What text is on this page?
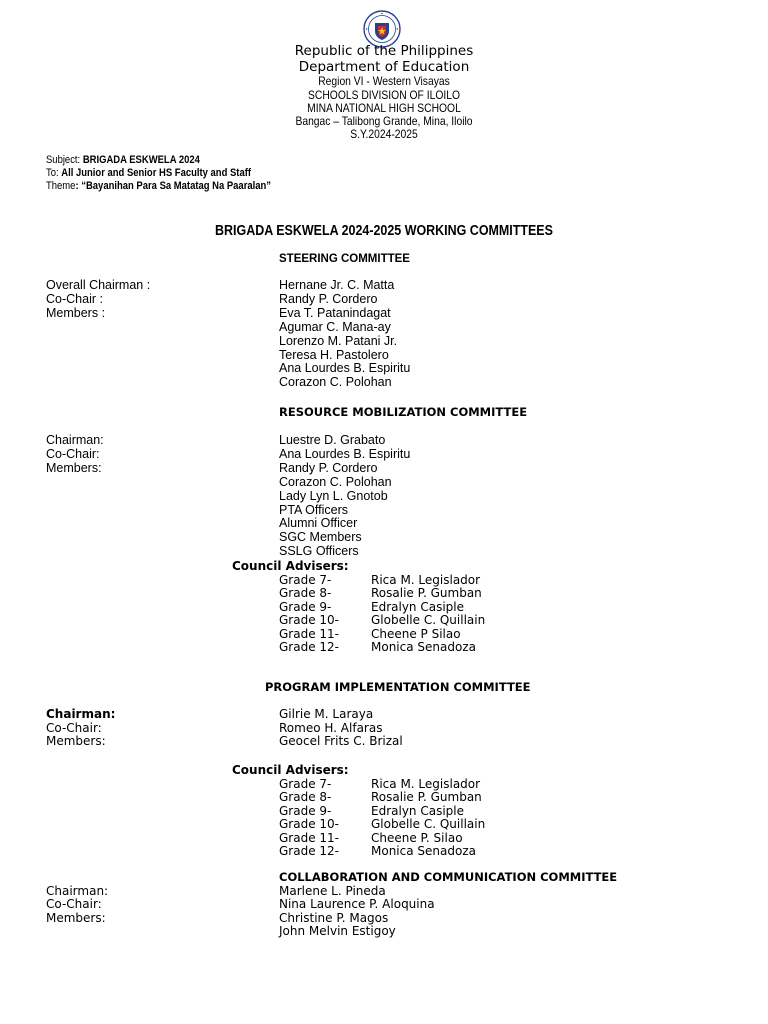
Republic of the Philippines
Department of Education
Region VI - Western Visayas
SCHOOLS DIVISION OF ILOILO
MINA NATIONAL HIGH SCHOOL
Bangac – Talibong Grande, Mina, Iloilo
S.Y.2024-2025
Subject: BRIGADA ESKWELA 2024
To: All Junior and Senior HS Faculty and Staff
Theme: “Bayanihan Para Sa Matatag Na Paaralan”
BRIGADA ESKWELA 2024-2025 WORKING COMMITTEES
STEERING COMMITTEE
Overall Chairman :	Hernane Jr. C. Matta
Co-Chair :	Randy P. Cordero
Members :	Eva T. Patanindagat
Agumar C. Mana-ay
Lorenzo M. Patani Jr.
Teresa H. Pastolero
Ana Lourdes B. Espiritu
Corazon C. Polohan
RESOURCE MOBILIZATION COMMITTEE
Chairman:	Luestre D. Grabato
Co-Chair:	Ana Lourdes B. Espiritu
Members:	Randy P. Cordero
Corazon C. Polohan
Lady Lyn L. Gnotob
PTA Officers
Alumni Officer
SGC Members
SSLG Officers
Council Advisers:
Grade 7-	Rica M. Legislador
Grade 8-	Rosalie P. Gumban
Grade 9-	Edralyn Casiple
Grade 10-	Globelle C. Quillain
Grade 11-	Cheene P Silao
Grade 12-	Monica Senadoza
PROGRAM IMPLEMENTATION COMMITTEE
Chairman:	Gilrie M. Laraya
Co-Chair:	Romeo H. Alfaras
Members:	Geocel Frits C. Brizal
Council Advisers:
Grade 7-	Rica M. Legislador
Grade 8-	Rosalie P. Gumban
Grade 9-	Edralyn Casiple
Grade 10-	Globelle C. Quillain
Grade 11-	Cheene P. Silao
Grade 12-	Monica Senadoza
COLLABORATION AND COMMUNICATION COMMITTEE
Chairman:	Marlene L. Pineda
Co-Chair:	Nina Laurence P. Aloquina
Members:	Christine P. Magos
John Melvin Estigoy
